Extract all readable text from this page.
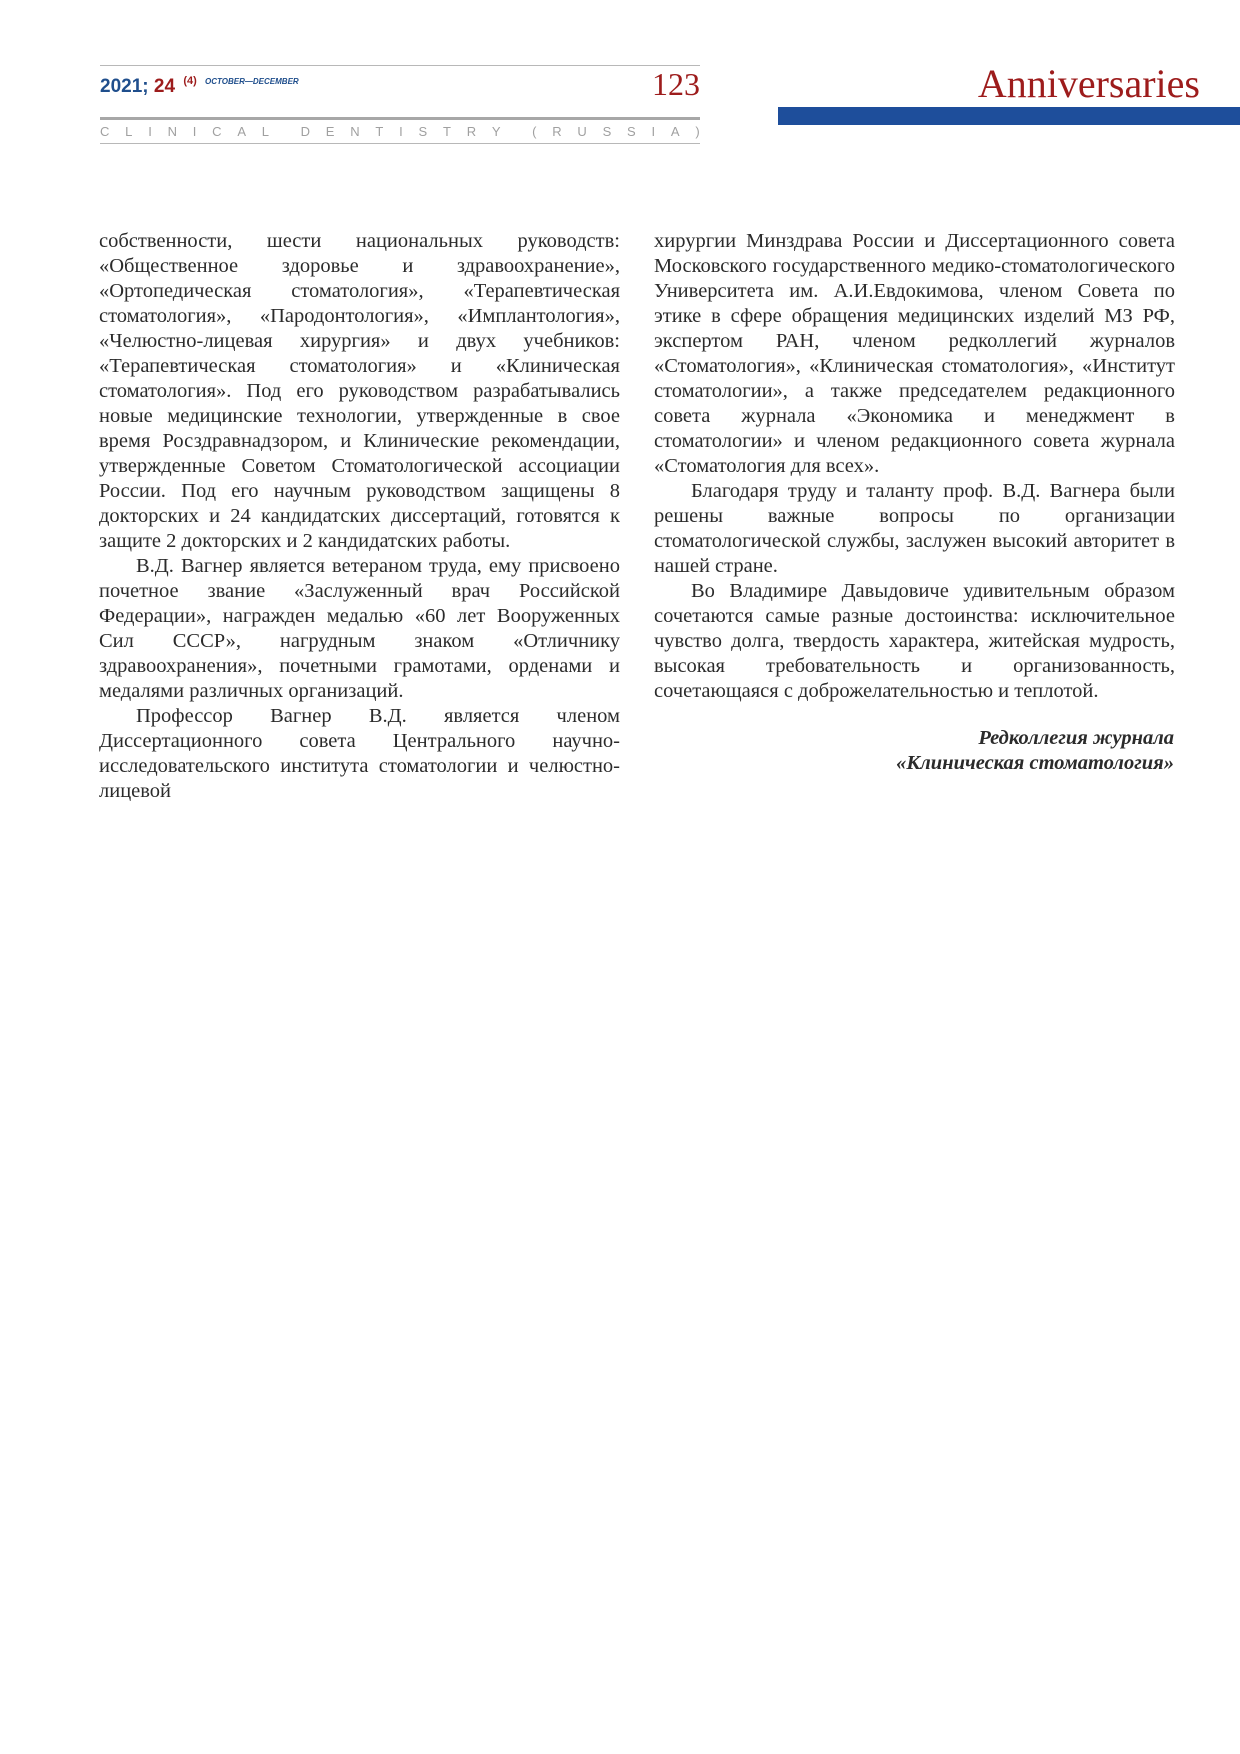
2021; 24 $^{(4)}$ $^{OCTOBER—DECEMBER}$	123
C L I N I C A L D E N T I S T R Y ( R U S S I A )
Anniversaries

собственности, шести национальных руководств: «Общественное здоровье и здравоохранение», «Ортопедическая стоматология», «Терапевтическая стоматология», «Пародонтология», «Имплантология», «Челюстно-лицевая хирургия» и двух учебников: «Терапевтическая стоматология» и «Клиническая стоматология». Под его руководством разрабатывались новые медицинские технологии, утвержденные в свое время Росздравнадзором, и Клинические рекомендации, утвержденные Советом Стоматологической ассоциации России. Под его научным руководством защищены 8 докторских и 24 кандидатских диссертаций, готовятся к защите 2 докторских и 2 кандидатских работы.

В.Д. Вагнер является ветераном труда, ему присвоено почетное звание «Заслуженный врач Российской Федерации», награжден медалью «60 лет Вооруженных Сил СССР», нагрудным знаком «Отличнику здравоохранения», почетными грамотами, орденами и медалями различных организаций.

Профессор Вагнер В.Д. является членом Диссертационного совета Центрального научно-исследовательского института стоматологии и челюстно-лицевой

хирургии Минздрава России и Диссертационного совета Московского государственного медико-стоматологического Университета им. А.И.Евдокимова, членом Совета по этике в сфере обращения медицинских изделий МЗ РФ, экспертом РАН, членом редколлегий журналов «Стоматология», «Клиническая стоматология», «Институт стоматологии», а также председателем редакционного совета журнала «Экономика и менеджмент в стоматологии» и членом редакционного совета журнала «Стоматология для всех».

Благодаря труду и таланту проф. В.Д. Вагнера были решены важные вопросы по организации стоматологической службы, заслужен высокий авторитет в нашей стране.

Во Владимире Давыдовиче удивительным образом сочетаются самые разные достоинства: исключительное чувство долга, твердость характера, житейская мудрость, высокая требовательность и организованность, сочетающаяся с доброжелательностью и теплотой.

Редколлегия журнала
«Клиническая стоматология»
